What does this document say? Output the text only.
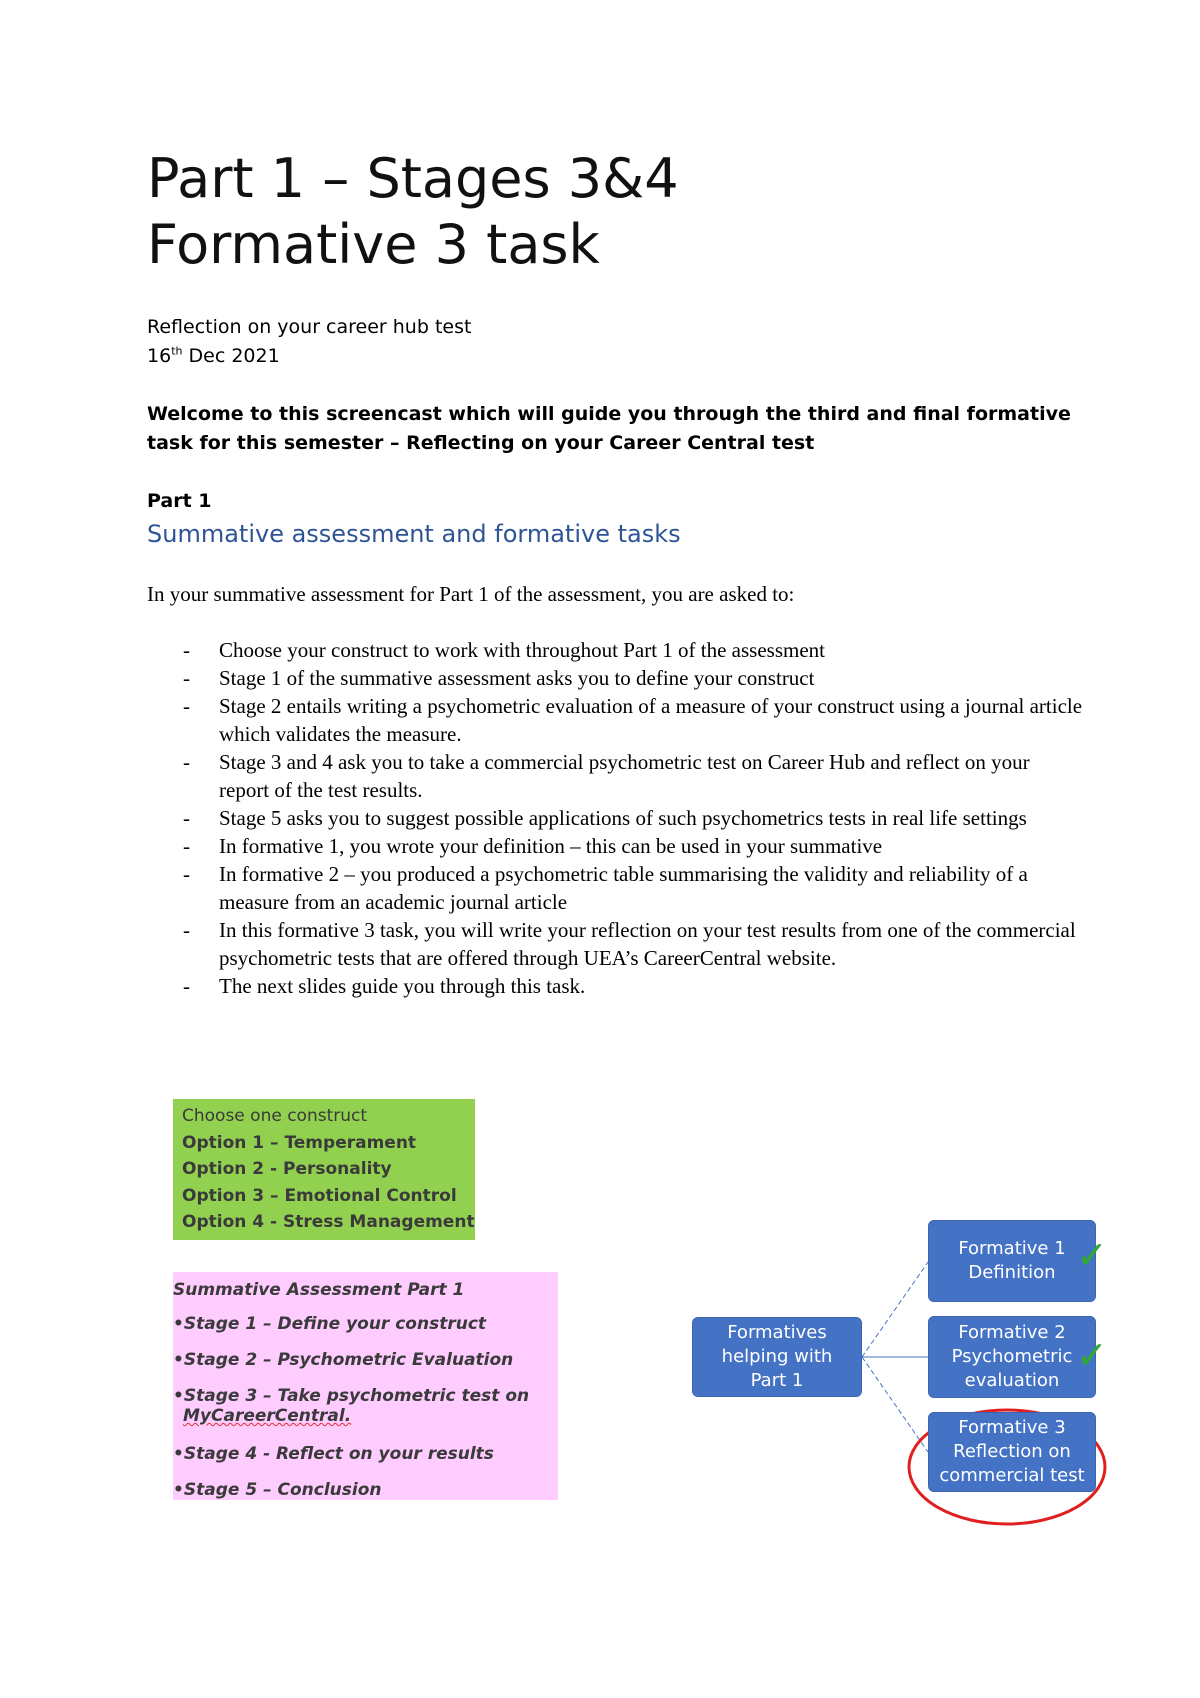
Part 1 – Stages 3&4
Formative 3 task
Reflection on your career hub test
16th Dec 2021
Welcome to this screencast which will guide you through the third and final formative task for this semester – Reflecting on your Career Central test
Part 1
Summative assessment and formative tasks
In your summative assessment for Part 1 of the assessment, you are asked to:
- Choose your construct to work with throughout Part 1 of the assessment
- Stage 1 of the summative assessment asks you to define your construct
- Stage 2 entails writing a psychometric evaluation of a measure of your construct using a journal article which validates the measure.
- Stage 3 and 4 ask you to take a commercial psychometric test on Career Hub and reflect on your report of the test results.
- Stage 5 asks you to suggest possible applications of such psychometrics tests in real life settings
- In formative 1, you wrote your definition – this can be used in your summative
- In formative 2 – you produced a psychometric table summarising the validity and reliability of a measure from an academic journal article
- In this formative 3 task, you will write your reflection on your test results from one of the commercial psychometric tests that are offered through UEA’s CareerCentral website.
- The next slides guide you through this task.
Choose one construct
Option 1 – Temperament
Option 2 - Personality
Option 3 – Emotional Control
Option 4 - Stress Management
Summative Assessment Part 1
•Stage 1 – Define your construct
•Stage 2 – Psychometric Evaluation
•Stage 3 – Take psychometric test on
MyCareerCentral.
•Stage 4 - Reflect on your results
•Stage 5 – Conclusion
Formatives
helping with
Part 1
Formative 1
Definition
Formative 2
Psychometric
evaluation
Formative 3
Reflection on
commercial test
✓
✓
